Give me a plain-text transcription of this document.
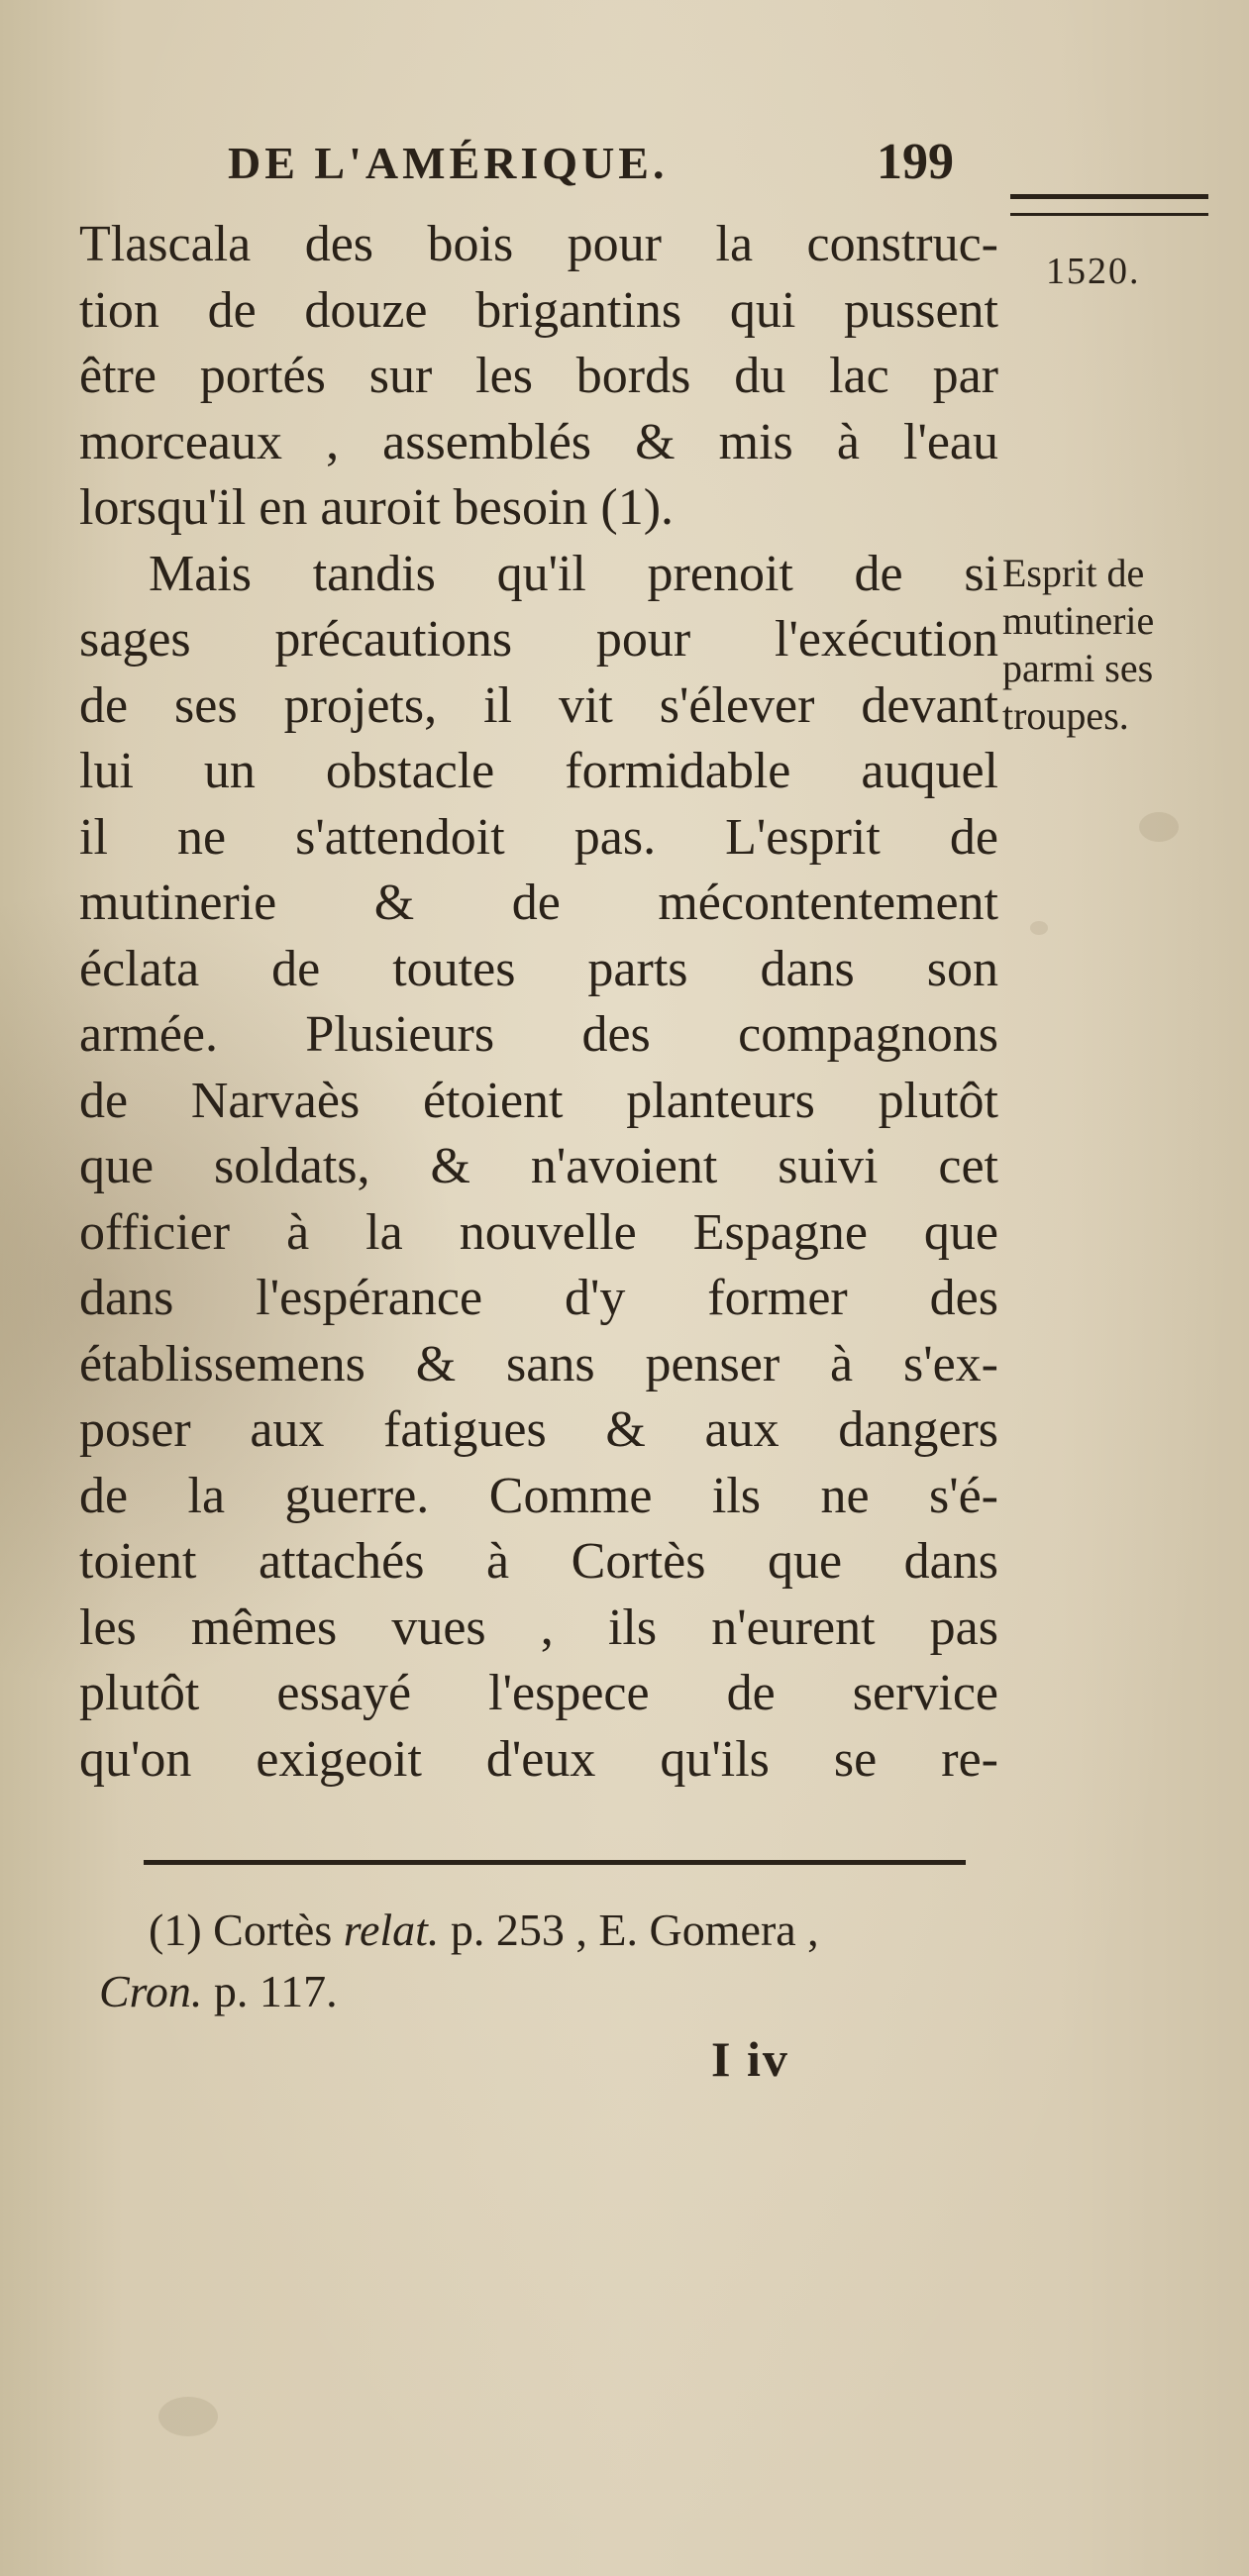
DE L'AMÉRIQUE.	199
1520.
Tlascala des bois pour la construc-
tion de douze brigantins qui pussent
être portés sur les bords du lac par
morceaux , assemblés & mis à l'eau
lorsqu'il en auroit besoin (1).
Mais tandis qu'il prenoit de si
sages précautions pour l'exécution
de ses projets, il vit s'élever devant
lui un obstacle formidable auquel
il ne s'attendoit pas. L'esprit de
mutinerie & de mécontentement
éclata de toutes parts dans son
armée. Plusieurs des compagnons
de Narvaès étoient planteurs plutôt
que soldats, & n'avoient suivi cet
officier à la nouvelle Espagne que
dans l'espérance d'y former des
établissemens & sans penser à s'ex-
poser aux fatigues & aux dangers
de la guerre. Comme ils ne s'é-
toient attachés à Cortès que dans
les mêmes vues , ils n'eurent pas
plutôt essayé l'espece de service
qu'on exigeoit d'eux qu'ils se re-
Esprit de
mutinerie
parmi ses
troupes.
(1) Cortès relat. p. 253 , E. Gomera ,
Cron. p. 117.
I iv
